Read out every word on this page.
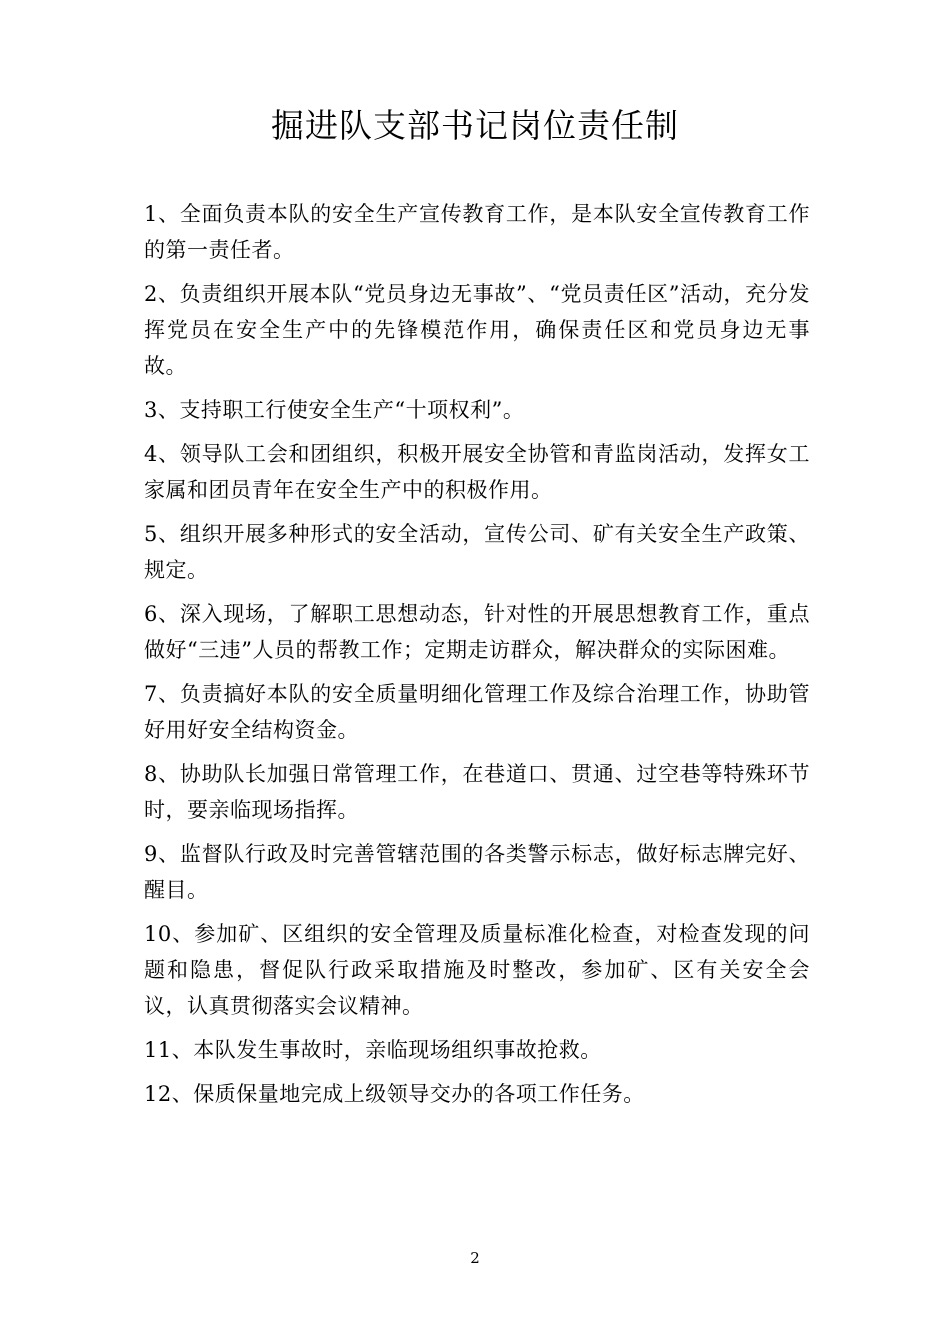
掘进队支部书记岗位责任制
1、全面负责本队的安全生产宣传教育工作，是本队安全宣传教育工作的第一责任者。
2、负责组织开展本队“党员身边无事故”、“党员责任区”活动，充分发挥党员在安全生产中的先锋模范作用，确保责任区和党员身边无事故。
3、支持职工行使安全生产“十项权利”。
4、领导队工会和团组织，积极开展安全协管和青监岗活动，发挥女工家属和团员青年在安全生产中的积极作用。
5、组织开展多种形式的安全活动，宣传公司、矿有关安全生产政策、规定。
6、深入现场，了解职工思想动态，针对性的开展思想教育工作，重点做好“三违”人员的帮教工作；定期走访群众，解决群众的实际困难。
7、负责搞好本队的安全质量明细化管理工作及综合治理工作，协助管好用好安全结构资金。
8、协助队长加强日常管理工作，在巷道口、贯通、过空巷等特殊环节时，要亲临现场指挥。
9、监督队行政及时完善管辖范围的各类警示标志，做好标志牌完好、醒目。
10、参加矿、区组织的安全管理及质量标准化检查，对检查发现的问题和隐患，督促队行政采取措施及时整改，参加矿、区有关安全会议，认真贯彻落实会议精神。
11、本队发生事故时，亲临现场组织事故抢救。
12、保质保量地完成上级领导交办的各项工作任务。
2
